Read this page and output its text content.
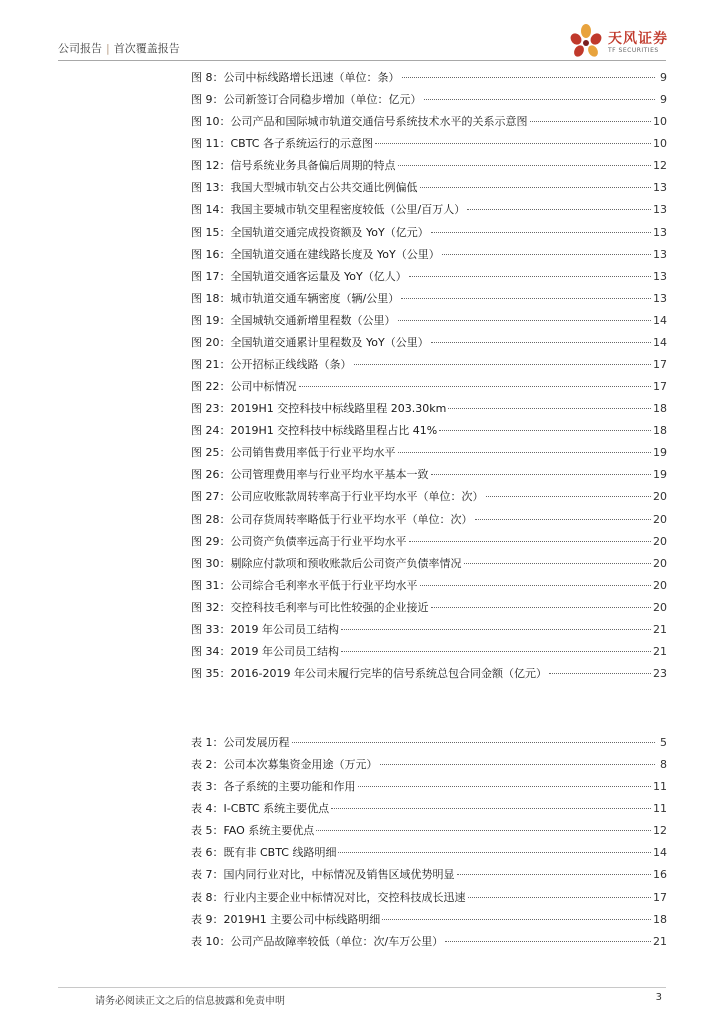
公司报告 | 首次覆盖报告
天风证券
TF SECURITIES
图 8：公司中标线路增长迅速（单位：条）	9
图 9：公司新签订合同稳步增加（单位：亿元）	9
图 10：公司产品和国际城市轨道交通信号系统技术水平的关系示意图	10
图 11：CBTC 各子系统运行的示意图	10
图 12：信号系统业务具备偏后周期的特点	12
图 13：我国大型城市轨交占公共交通比例偏低	13
图 14：我国主要城市轨交里程密度较低（公里/百万人）	13
图 15：全国轨道交通完成投资额及 YoY（亿元）	13
图 16：全国轨道交通在建线路长度及 YoY（公里）	13
图 17：全国轨道交通客运量及 YoY（亿人）	13
图 18：城市轨道交通车辆密度（辆/公里）	13
图 19：全国城轨交通新增里程数（公里）	14
图 20：全国轨道交通累计里程数及 YoY（公里）	14
图 21：公开招标正线线路（条）	17
图 22：公司中标情况	17
图 23：2019H1 交控科技中标线路里程 203.30km	18
图 24：2019H1 交控科技中标线路里程占比 41%	18
图 25：公司销售费用率低于行业平均水平	19
图 26：公司管理费用率与行业平均水平基本一致	19
图 27：公司应收账款周转率高于行业平均水平（单位：次）	20
图 28：公司存货周转率略低于行业平均水平（单位：次）	20
图 29：公司资产负债率远高于行业平均水平	20
图 30：剔除应付款项和预收账款后公司资产负债率情况	20
图 31：公司综合毛利率水平低于行业平均水平	20
图 32：交控科技毛利率与可比性较强的企业接近	20
图 33：2019 年公司员工结构	21
图 34：2019 年公司员工结构	21
图 35：2016-2019 年公司未履行完毕的信号系统总包合同金额（亿元）	23
表 1：公司发展历程	5
表 2：公司本次募集资金用途（万元）	8
表 3：各子系统的主要功能和作用	11
表 4：I-CBTC 系统主要优点	11
表 5：FAO 系统主要优点	12
表 6：既有非 CBTC 线路明细	14
表 7：国内同行业对比，中标情况及销售区域优势明显	16
表 8：行业内主要企业中标情况对比，交控科技成长迅速	17
表 9：2019H1 主要公司中标线路明细	18
表 10：公司产品故障率较低（单位：次/车万公里）	21
请务必阅读正文之后的信息披露和免责申明	3
